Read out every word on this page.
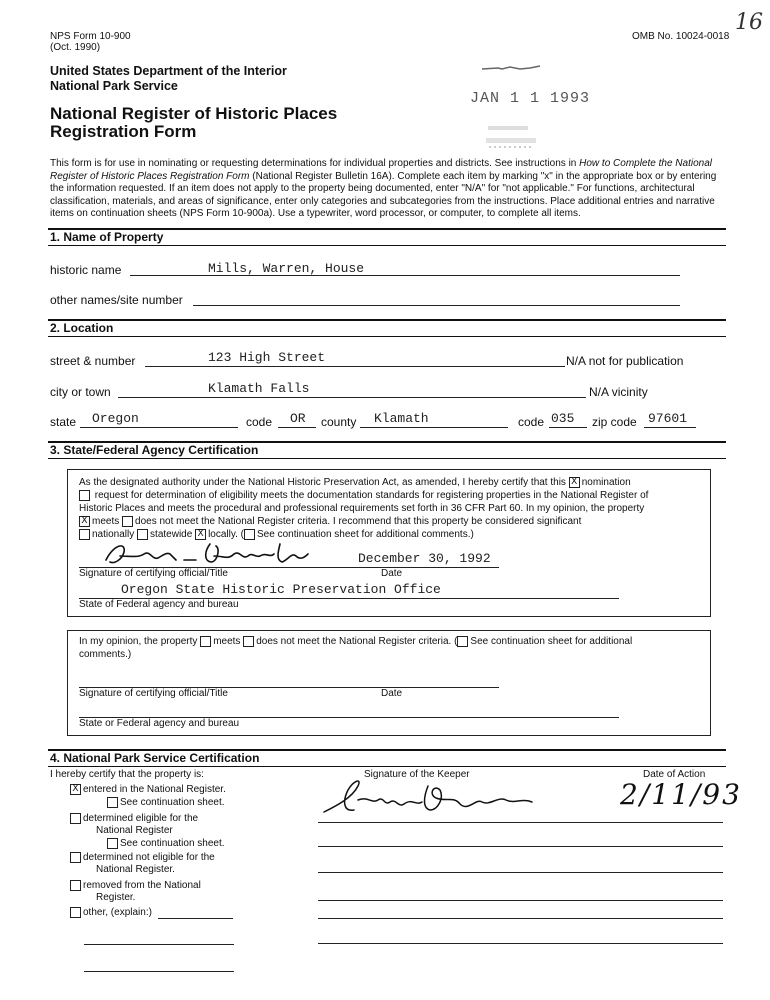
NPS Form 10-900
(Oct. 1990)
OMB No. 10024-0018
16
United States Department of the Interior
National Park Service
National Register of Historic Places
Registration Form
JAN 1 1 1993
This form is for use in nominating or requesting determinations for individual properties and districts. See instructions in How to Complete the National Register of Historic Places Registration Form (National Register Bulletin 16A). Complete each item by marking "x" in the appropriate box or by entering the information requested. If an item does not apply to the property being documented, enter "N/A" for "not applicable." For functions, architectural classification, materials, and areas of significance, enter only categories and subcategories from the instructions. Place additional entries and narrative items on continuation sheets (NPS Form 10-900a). Use a typewriter, word processor, or computer, to complete all items.
1. Name of Property
historic name	Mills, Warren, House
other names/site number
2. Location
street & number	123 High Street	N/A not for publication
city or town	Klamath Falls	N/A vicinity
state Oregon	code OR county Klamath	code 035 zip code 97601
3. State/Federal Agency Certification
As the designated authority under the National Historic Preservation Act, as amended, I hereby certify that this X nomination
request for determination of eligibility meets the documentation standards for registering properties in the National Register of
Historic Places and meets the procedural and professional requirements set forth in 36 CFR Part 60. In my opinion, the property
X meets does not meet the National Register criteria. I recommend that this property be considered significant
nationally statewide X locally. ( See continuation sheet for additional comments.)
December 30, 1992
Signature of certifying official/Title	Date
Oregon State Historic Preservation Office
State of Federal agency and bureau
In my opinion, the property meets does not meet the National Register criteria. ( See continuation sheet for additional
comments.)
Signature of certifying official/Title	Date
State or Federal agency and bureau
4. National Park Service Certification
I hereby certify that the property is:	Signature of the Keeper	Date of Action
X entered in the National Register.
See continuation sheet.	2/11/93
determined eligible for the
National Register
See continuation sheet.
determined not eligible for the
National Register.
removed from the National
Register.
other, (explain:)
